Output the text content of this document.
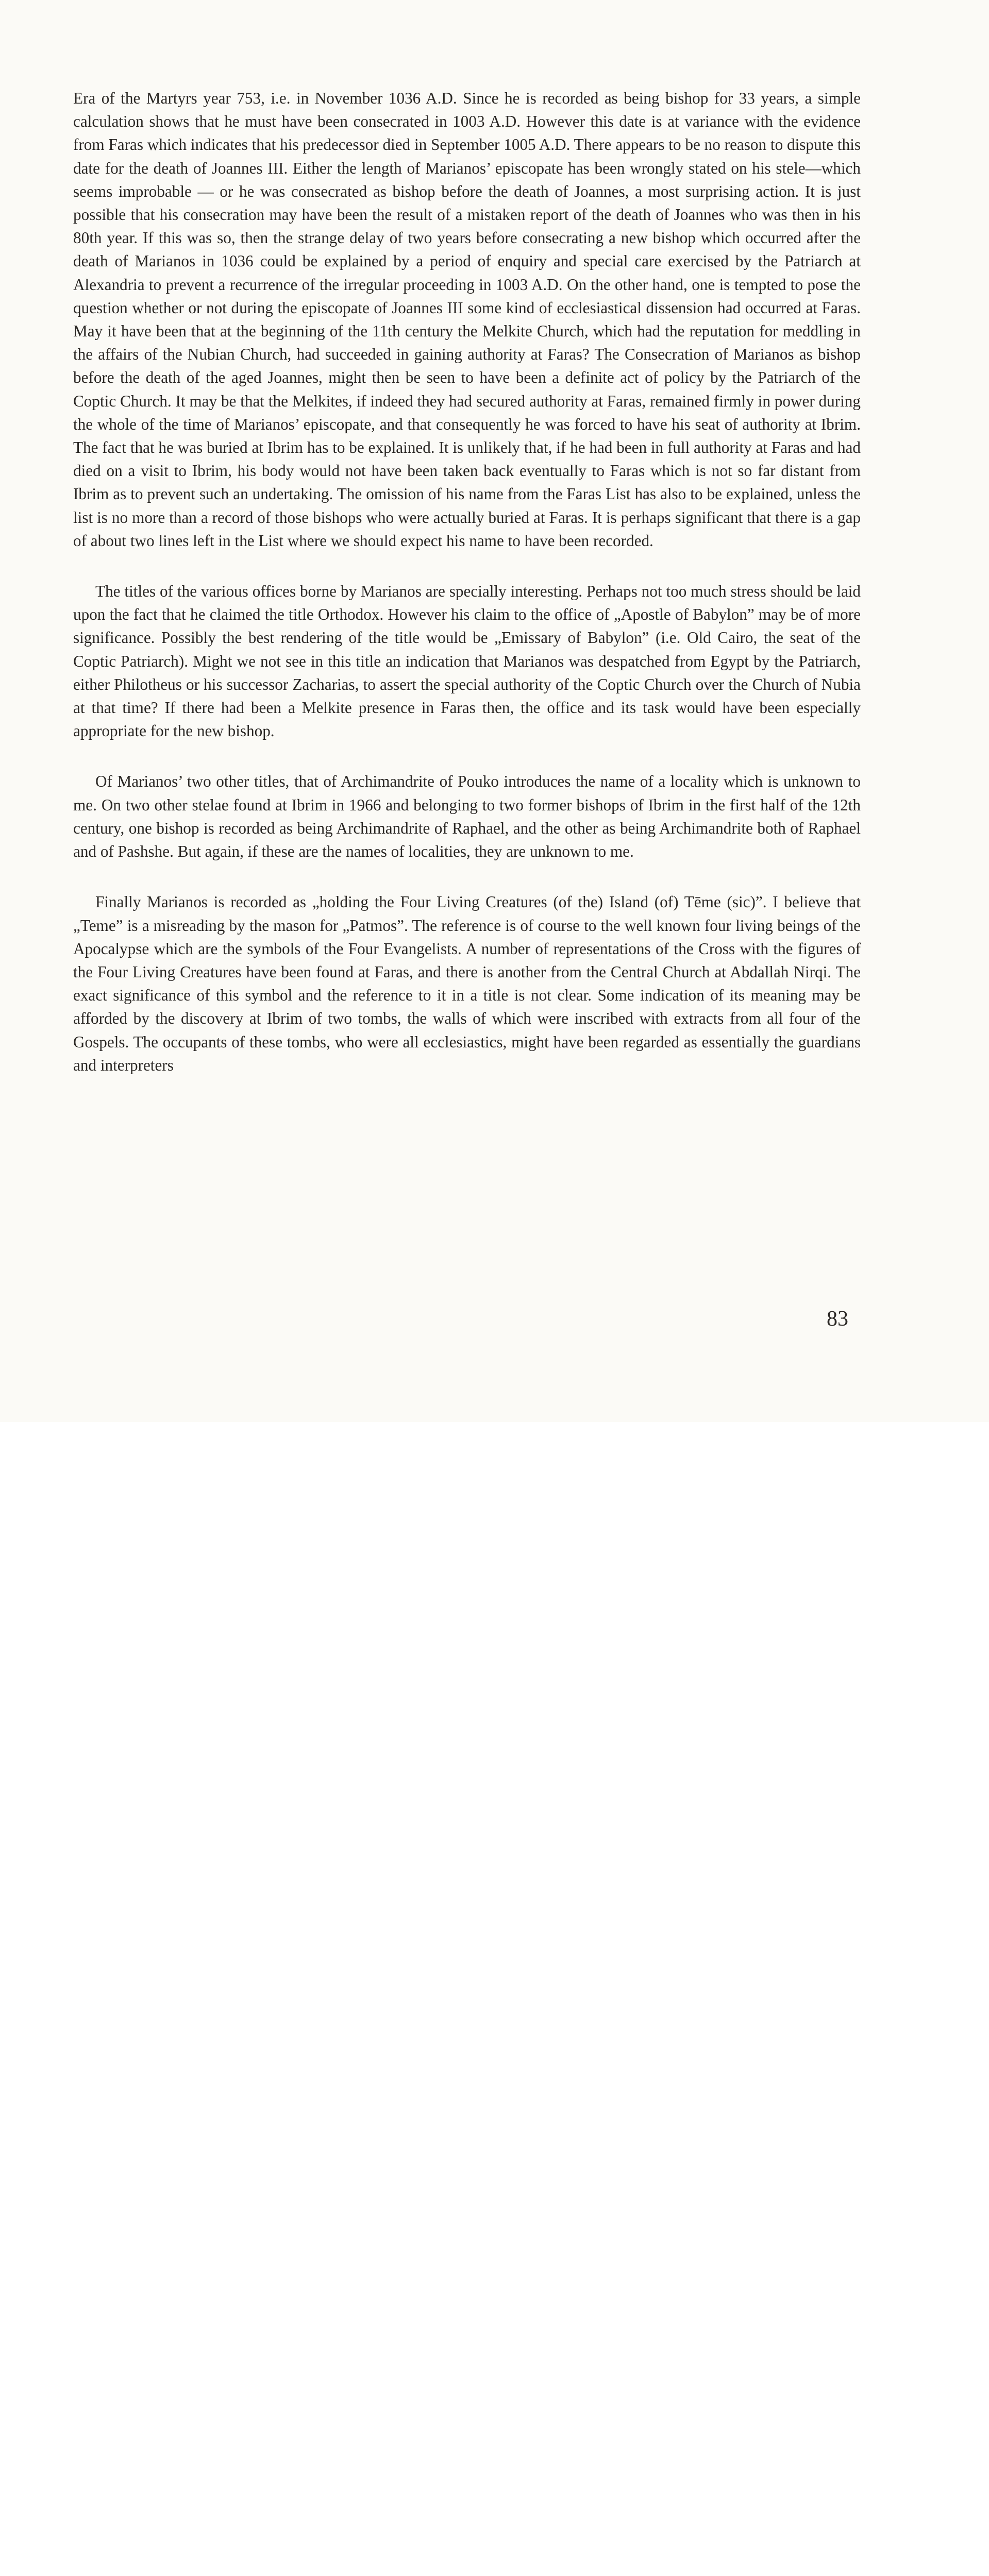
Era of the Martyrs year 753, i.e. in November 1036 A.D. Since he is recorded as being bishop for 33 years, a simple calculation shows that he must have been consecrated in 1003 A.D. However this date is at variance with the evidence from Faras which indicates that his predecessor died in September 1005 A.D. There appears to be no reason to dispute this date for the death of Joannes III. Either the length of Marianos’ episcopate has been wrongly stated on his stele—which seems improbable — or he was consecrated as bishop before the death of Joannes, a most surprising action. It is just possible that his consecration may have been the result of a mistaken report of the death of Joannes who was then in his 80th year. If this was so, then the strange delay of two years before consecrating a new bishop which occurred after the death of Marianos in 1036 could be explained by a period of enquiry and special care exercised by the Patriarch at Alexandria to prevent a recurrence of the irregular proceeding in 1003 A.D. On the other hand, one is tempted to pose the question whether or not during the episcopate of Joannes III some kind of ecclesiastical dissension had occurred at Faras. May it have been that at the beginning of the 11th century the Melkite Church, which had the reputation for meddling in the affairs of the Nubian Church, had succeeded in gaining authority at Faras? The Consecration of Marianos as bishop before the death of the aged Joannes, might then be seen to have been a definite act of policy by the Patriarch of the Coptic Church. It may be that the Melkites, if indeed they had secured authority at Faras, remained firmly in power during the whole of the time of Marianos’ episcopate, and that consequently he was forced to have his seat of authority at Ibrim. The fact that he was buried at Ibrim has to be explained. It is unlikely that, if he had been in full authority at Faras and had died on a visit to Ibrim, his body would not have been taken back eventually to Faras which is not so far distant from Ibrim as to prevent such an undertaking. The omission of his name from the Faras List has also to be explained, unless the list is no more than a record of those bishops who were actually buried at Faras. It is perhaps significant that there is a gap of about two lines left in the List where we should expect his name to have been recorded.

The titles of the various offices borne by Marianos are specially interesting. Perhaps not too much stress should be laid upon the fact that he claimed the title Orthodox. However his claim to the office of „Apostle of Babylon” may be of more significance. Possibly the best rendering of the title would be „Emissary of Babylon” (i.e. Old Cairo, the seat of the Coptic Patriarch). Might we not see in this title an indication that Marianos was despatched from Egypt by the Patriarch, either Philotheus or his successor Zacharias, to assert the special authority of the Coptic Church over the Church of Nubia at that time? If there had been a Melkite presence in Faras then, the office and its task would have been especially appropriate for the new bishop.

Of Marianos’ two other titles, that of Archimandrite of Pouko introduces the name of a locality which is unknown to me. On two other stelae found at Ibrim in 1966 and belonging to two former bishops of Ibrim in the first half of the 12th century, one bishop is recorded as being Archimandrite of Raphael, and the other as being Archimandrite both of Raphael and of Pashshe. But again, if these are the names of localities, they are unknown to me.

Finally Marianos is recorded as „holding the Four Living Creatures (of the) Island (of) Tēme (sic)”. I believe that „Teme” is a misreading by the mason for „Patmos”. The reference is of course to the well known four living beings of the Apocalypse which are the symbols of the Four Evangelists. A number of representations of the Cross with the figures of the Four Living Creatures have been found at Faras, and there is another from the Central Church at Abdallah Nirqi. The exact significance of this symbol and the reference to it in a title is not clear. Some indication of its meaning may be afforded by the discovery at Ibrim of two tombs, the walls of which were inscribed with extracts from all four of the Gospels. The occupants of these tombs, who were all ecclesiastics, might have been regarded as essentially the guardians and interpreters

83
